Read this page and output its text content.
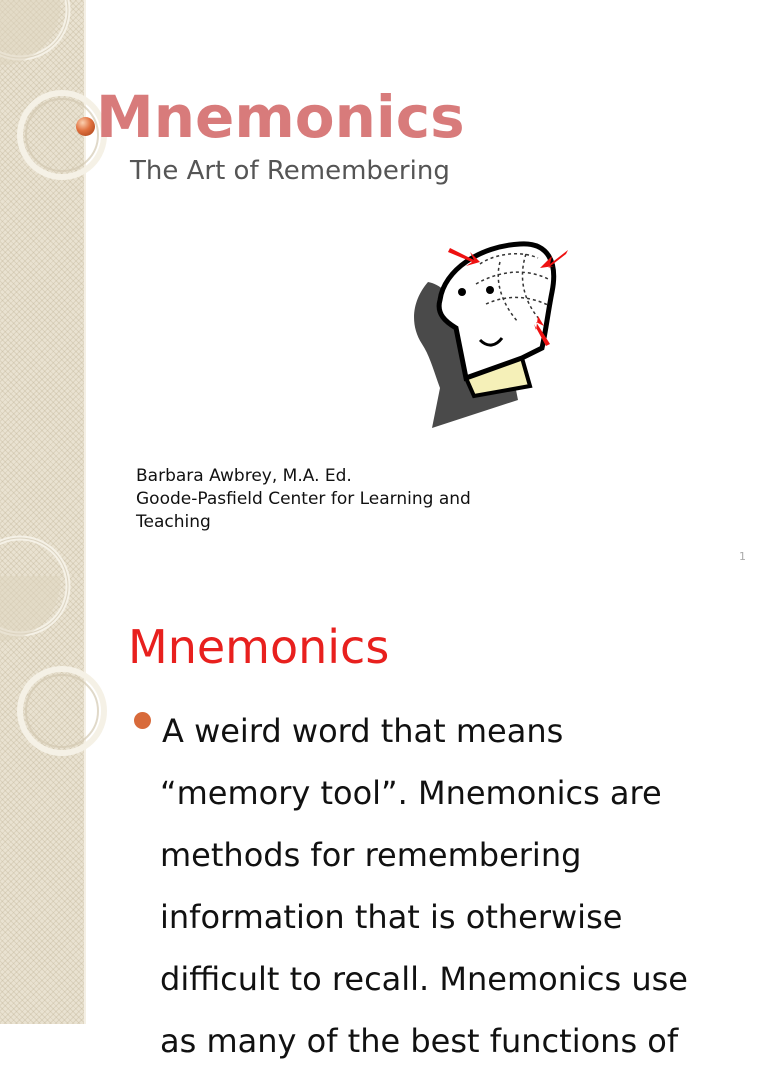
Mnemonics
The Art of Remembering
Barbara Awbrey, M.A. Ed.
Goode-Pasfield Center for Learning and
Teaching
1
Mnemonics
A weird word that means
“memory tool”. Mnemonics are
methods for remembering
information that is otherwise
difficult to recall. Mnemonics use
as many of the best functions of
